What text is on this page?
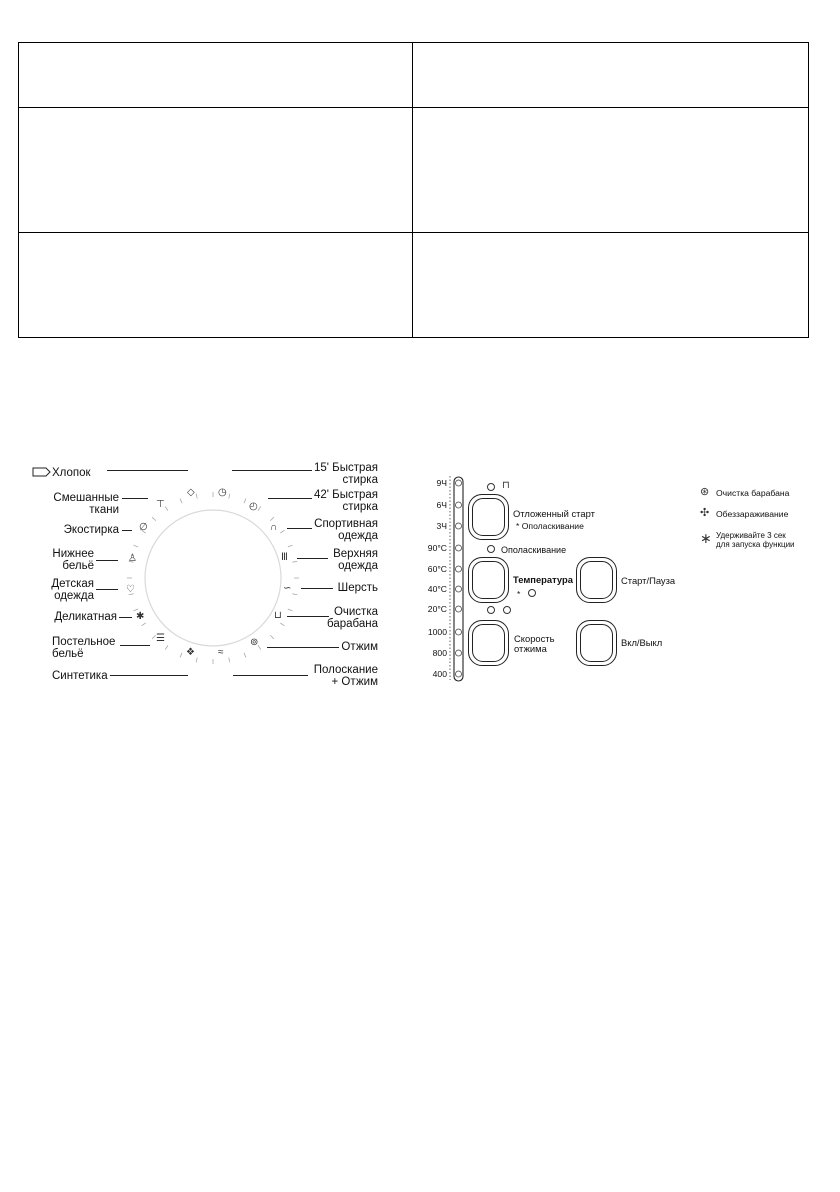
Хлопок
Смешанные
ткани
Экостирка
Нижнее
бельё
Детская
одежда
Деликатная
Постельное
бельё
Синтетика
15' Быстрая
стирка
42' Быстрая
стирка
Спортивная
одежда
Верхняя
одежда
Шерсть
Очистка
барабана
Отжим
Полоскание
+ Отжим
◇
⊤
∅
♙
♡
✱
☰
❖
◷
◴
∩
Ⅲ
∽
⊔
⊚
≈
9Ч
6Ч
3Ч
90°C
60°C
40°C
20°C
1000
800
400
⊓
Отложенный старт
* Ополаскивание
Ополаскивание
Температура
*
Старт/Пауза
Скорость
отжима
Вкл/Выкл
⊛ Очистка барабана
✣ Обеззараживание
∗ Удерживайте 3 сек
для запуска функции
